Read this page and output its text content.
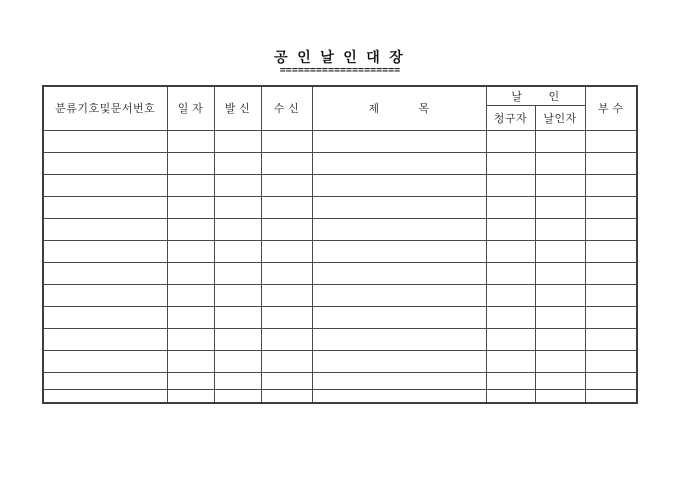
공 인 날 인 대 장
====================
분류기호및문서번호	일 자	발 신	수 신	제            목	날        인		부 수
					청구자	날인자	
